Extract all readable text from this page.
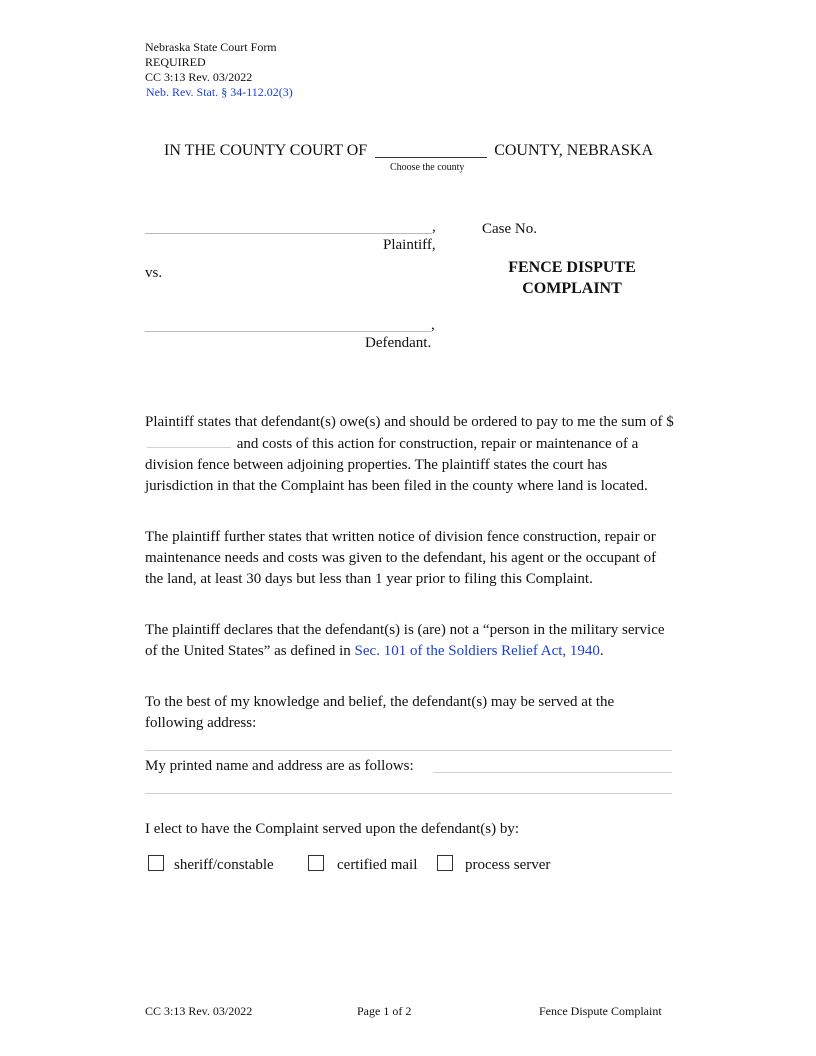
Nebraska State Court Form
REQUIRED
CC 3:13 Rev. 03/2022
Neb. Rev. Stat. § 34-112.02(3)
IN THE COUNTY COURT OF	COUNTY, NEBRASKA
Choose the county
,
Plaintiff,
vs.
,
Defendant.
Case No.
FENCE DISPUTE
COMPLAINT
Plaintiff states that defendant(s) owe(s) and should be ordered to pay to me the sum of $ and costs of this action for construction, repair or maintenance of a division fence between adjoining properties. The plaintiff states the court has jurisdiction in that the Complaint has been filed in the county where land is located.
The plaintiff further states that written notice of division fence construction, repair or maintenance needs and costs was given to the defendant, his agent or the occupant of the land, at least 30 days but less than 1 year prior to filing this Complaint.
The plaintiff declares that the defendant(s) is (are) not a “person in the military service of the United States” as defined in Sec. 101 of the Soldiers Relief Act, 1940.
To the best of my knowledge and belief, the defendant(s) may be served at the following address:
My printed name and address are as follows:
I elect to have the Complaint served upon the defendant(s) by:
sheriff/constable	certified mail	process server
CC 3:13 Rev. 03/2022	Page 1 of 2	Fence Dispute Complaint
